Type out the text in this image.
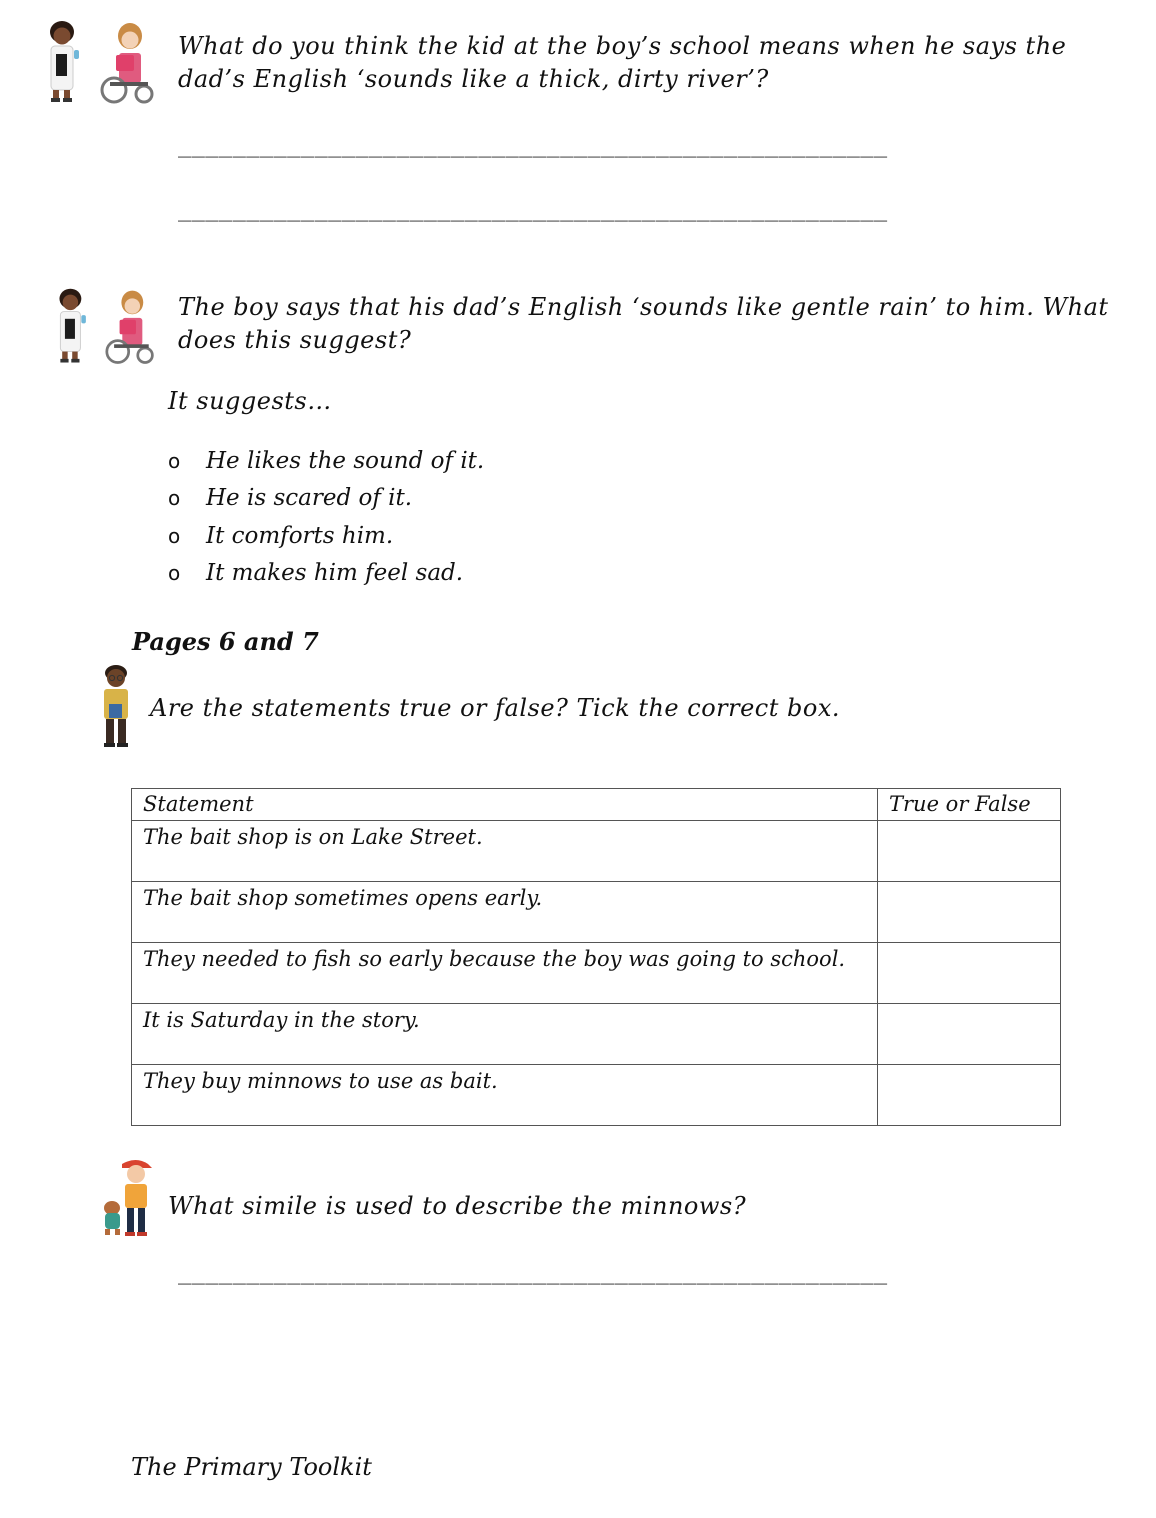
What do you think the kid at the boy’s school means when he says the
dad’s English ‘sounds like a thick, dirty river’?
____________________________________________________
____________________________________________________
The boy says that his dad’s English ‘sounds like gentle rain’ to him. What
does this suggest?
It suggests…
o	He likes the sound of it.
o	He is scared of it.
o	It comforts him.
o	It makes him feel sad.
Pages 6 and 7
Are the statements true or false? Tick the correct box.
Statement	True or False
The bait shop is on Lake Street.	
The bait shop sometimes opens early.	
They needed to fish so early because the boy was going to school.	
It is Saturday in the story.	
They buy minnows to use as bait.	
What simile is used to describe the minnows?
____________________________________________________
The Primary Toolkit
